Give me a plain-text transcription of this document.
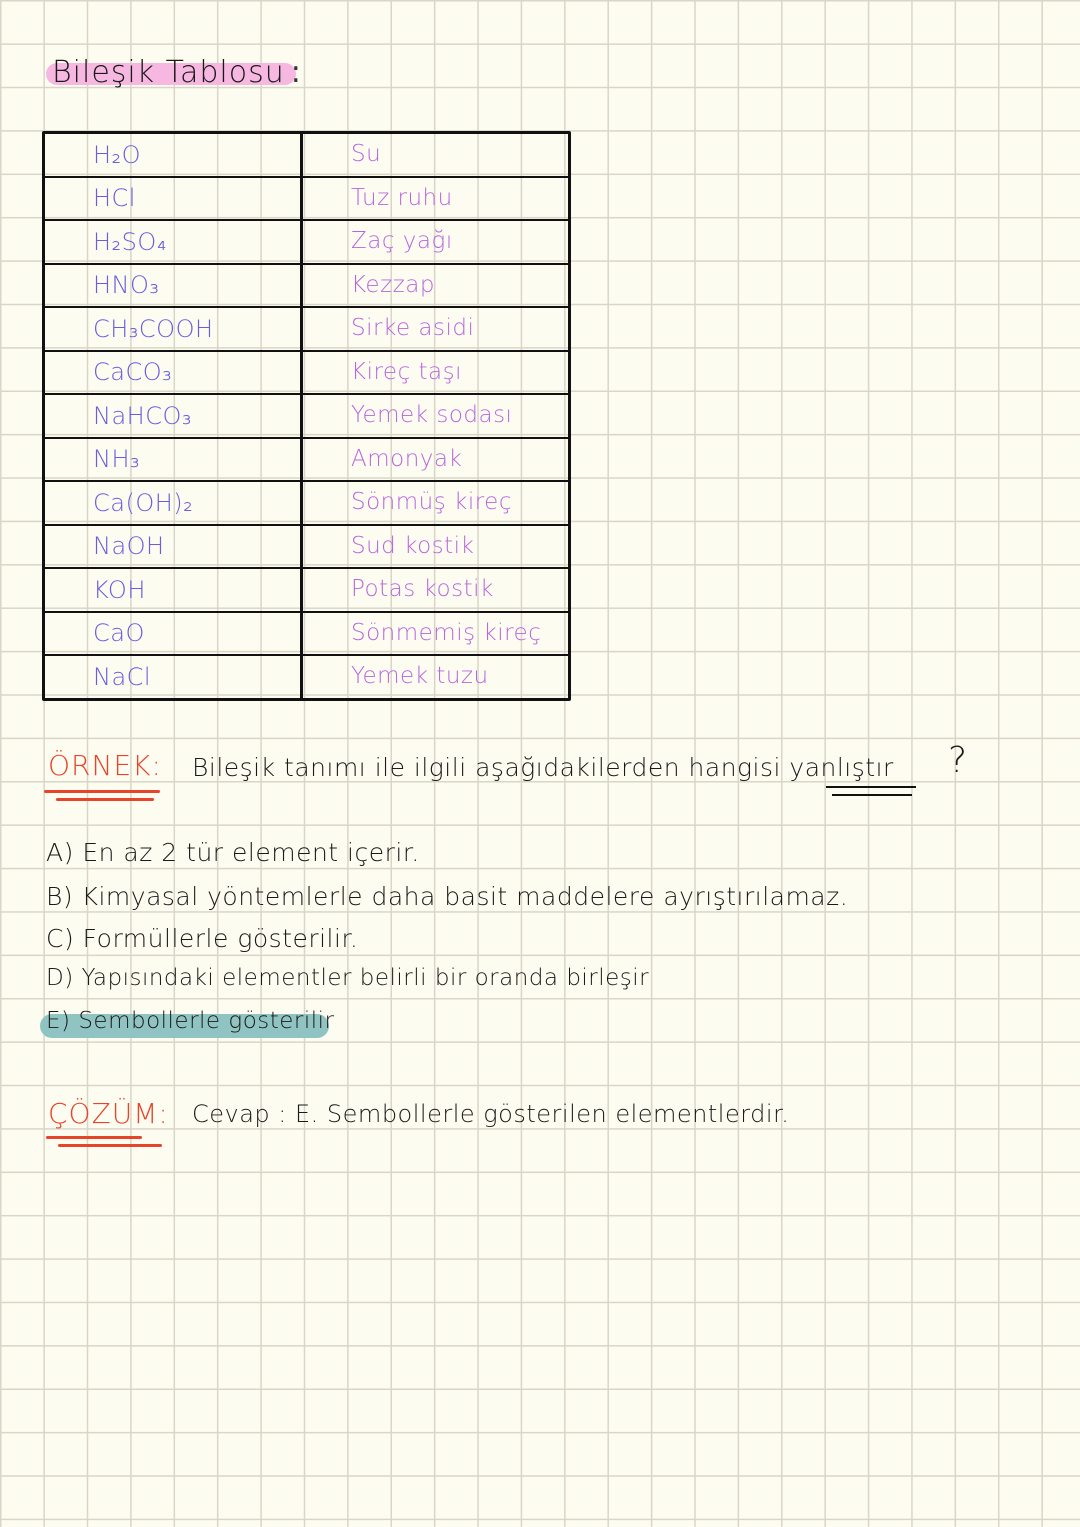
Bileşik Tablosu :
H₂O	Su
HCl	Tuz ruhu
H₂SO₄	Zaç yağı
HNO₃	Kezzap
CH₃COOH	Sirke asidi
CaCO₃	Kireç taşı
NaHCO₃	Yemek sodası
NH₃	Amonyak
Ca(OH)₂	Sönmüş kireç
NaOH	Sud kostik
KOH	Potas kostik
CaO	Sönmemiş kireç
NaCl	Yemek tuzu
ÖRNEK: Bileşik tanımı ile ilgili aşağıdakilerden hangisi yanlıştır ?
A) En az 2 tür element içerir.
B) Kimyasal yöntemlerle daha basit maddelere ayrıştırılamaz.
C) Formüllerle gösterilir.
D) Yapısındaki elementler belirli bir oranda birleşir
E) Sembollerle gösterilir
ÇÖZÜM: Cevap : E. Sembollerle gösterilen elementlerdir.
